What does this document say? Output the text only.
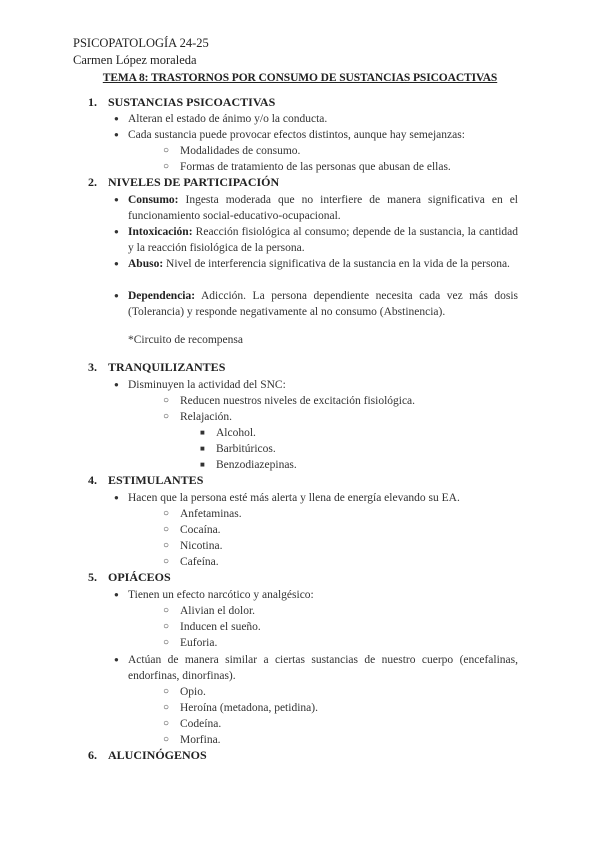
PSICOPATOLOGÍA 24-25
Carmen López moraleda
TEMA 8: TRASTORNOS POR CONSUMO DE SUSTANCIAS PSICOACTIVAS
1. SUSTANCIAS PSICOACTIVAS
● Alteran el estado de ánimo y/o la conducta.
● Cada sustancia puede provocar efectos distintos, aunque hay semejanzas:
○ Modalidades de consumo.
○ Formas de tratamiento de las personas que abusan de ellas.
2. NIVELES DE PARTICIPACIÓN
● Consumo: Ingesta moderada que no interfiere de manera significativa en el funcionamiento social-educativo-ocupacional.
● Intoxicación: Reacción fisiológica al consumo; depende de la sustancia, la cantidad y la reacción fisiológica de la persona.
● Abuso: Nivel de interferencia significativa de la sustancia en la vida de la persona.
● Dependencia: Adicción. La persona dependiente necesita cada vez más dosis (Tolerancia) y responde negativamente al no consumo (Abstinencia).
*Circuito de recompensa
3. TRANQUILIZANTES
● Disminuyen la actividad del SNC:
○ Reducen nuestros niveles de excitación fisiológica.
○ Relajación.
■ Alcohol.
■ Barbitúricos.
■ Benzodiazepinas.
4. ESTIMULANTES
● Hacen que la persona esté más alerta y llena de energía elevando su EA.
○ Anfetaminas.
○ Cocaína.
○ Nicotina.
○ Cafeína.
5. OPIÁCEOS
● Tienen un efecto narcótico y analgésico:
○ Alivian el dolor.
○ Inducen el sueño.
○ Euforia.
● Actúan de manera similar a ciertas sustancias de nuestro cuerpo (encefalinas, endorfinas, dinorfinas).
○ Opio.
○ Heroína (metadona, petidina).
○ Codeína.
○ Morfina.
6. ALUCINÓGENOS
